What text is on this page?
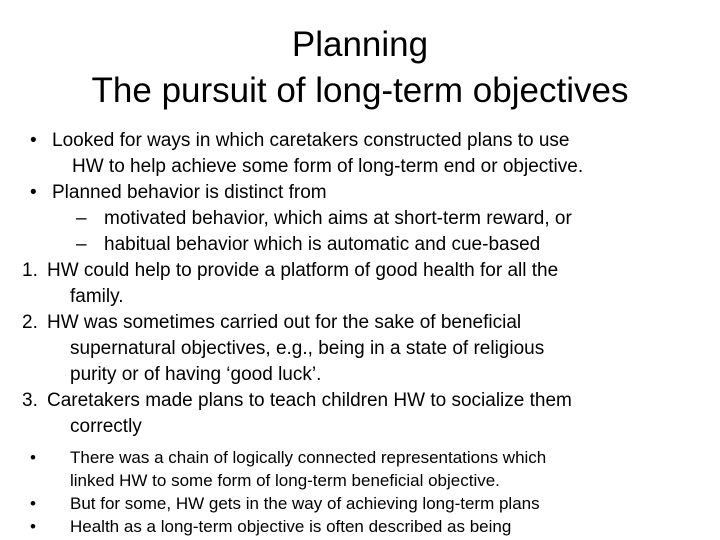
Planning
The pursuit of long-term objectives
• Looked for ways in which caretakers constructed plans to use
HW to help achieve some form of long-term end or objective.
• Planned behavior is distinct from
– motivated behavior, which aims at short-term reward, or
– habitual behavior which is automatic and cue-based
1. HW could help to provide a platform of good health for all the
family.
2. HW was sometimes carried out for the sake of beneficial
supernatural objectives, e.g., being in a state of religious
purity or of having ‘good luck’.
3. Caretakers made plans to teach children HW to socialize them
correctly
•	There was a chain of logically connected representations which
linked HW to some form of long-term beneficial objective.
•	But for some, HW gets in the way of achieving long-term plans
•	Health as a long-term objective is often described as being
